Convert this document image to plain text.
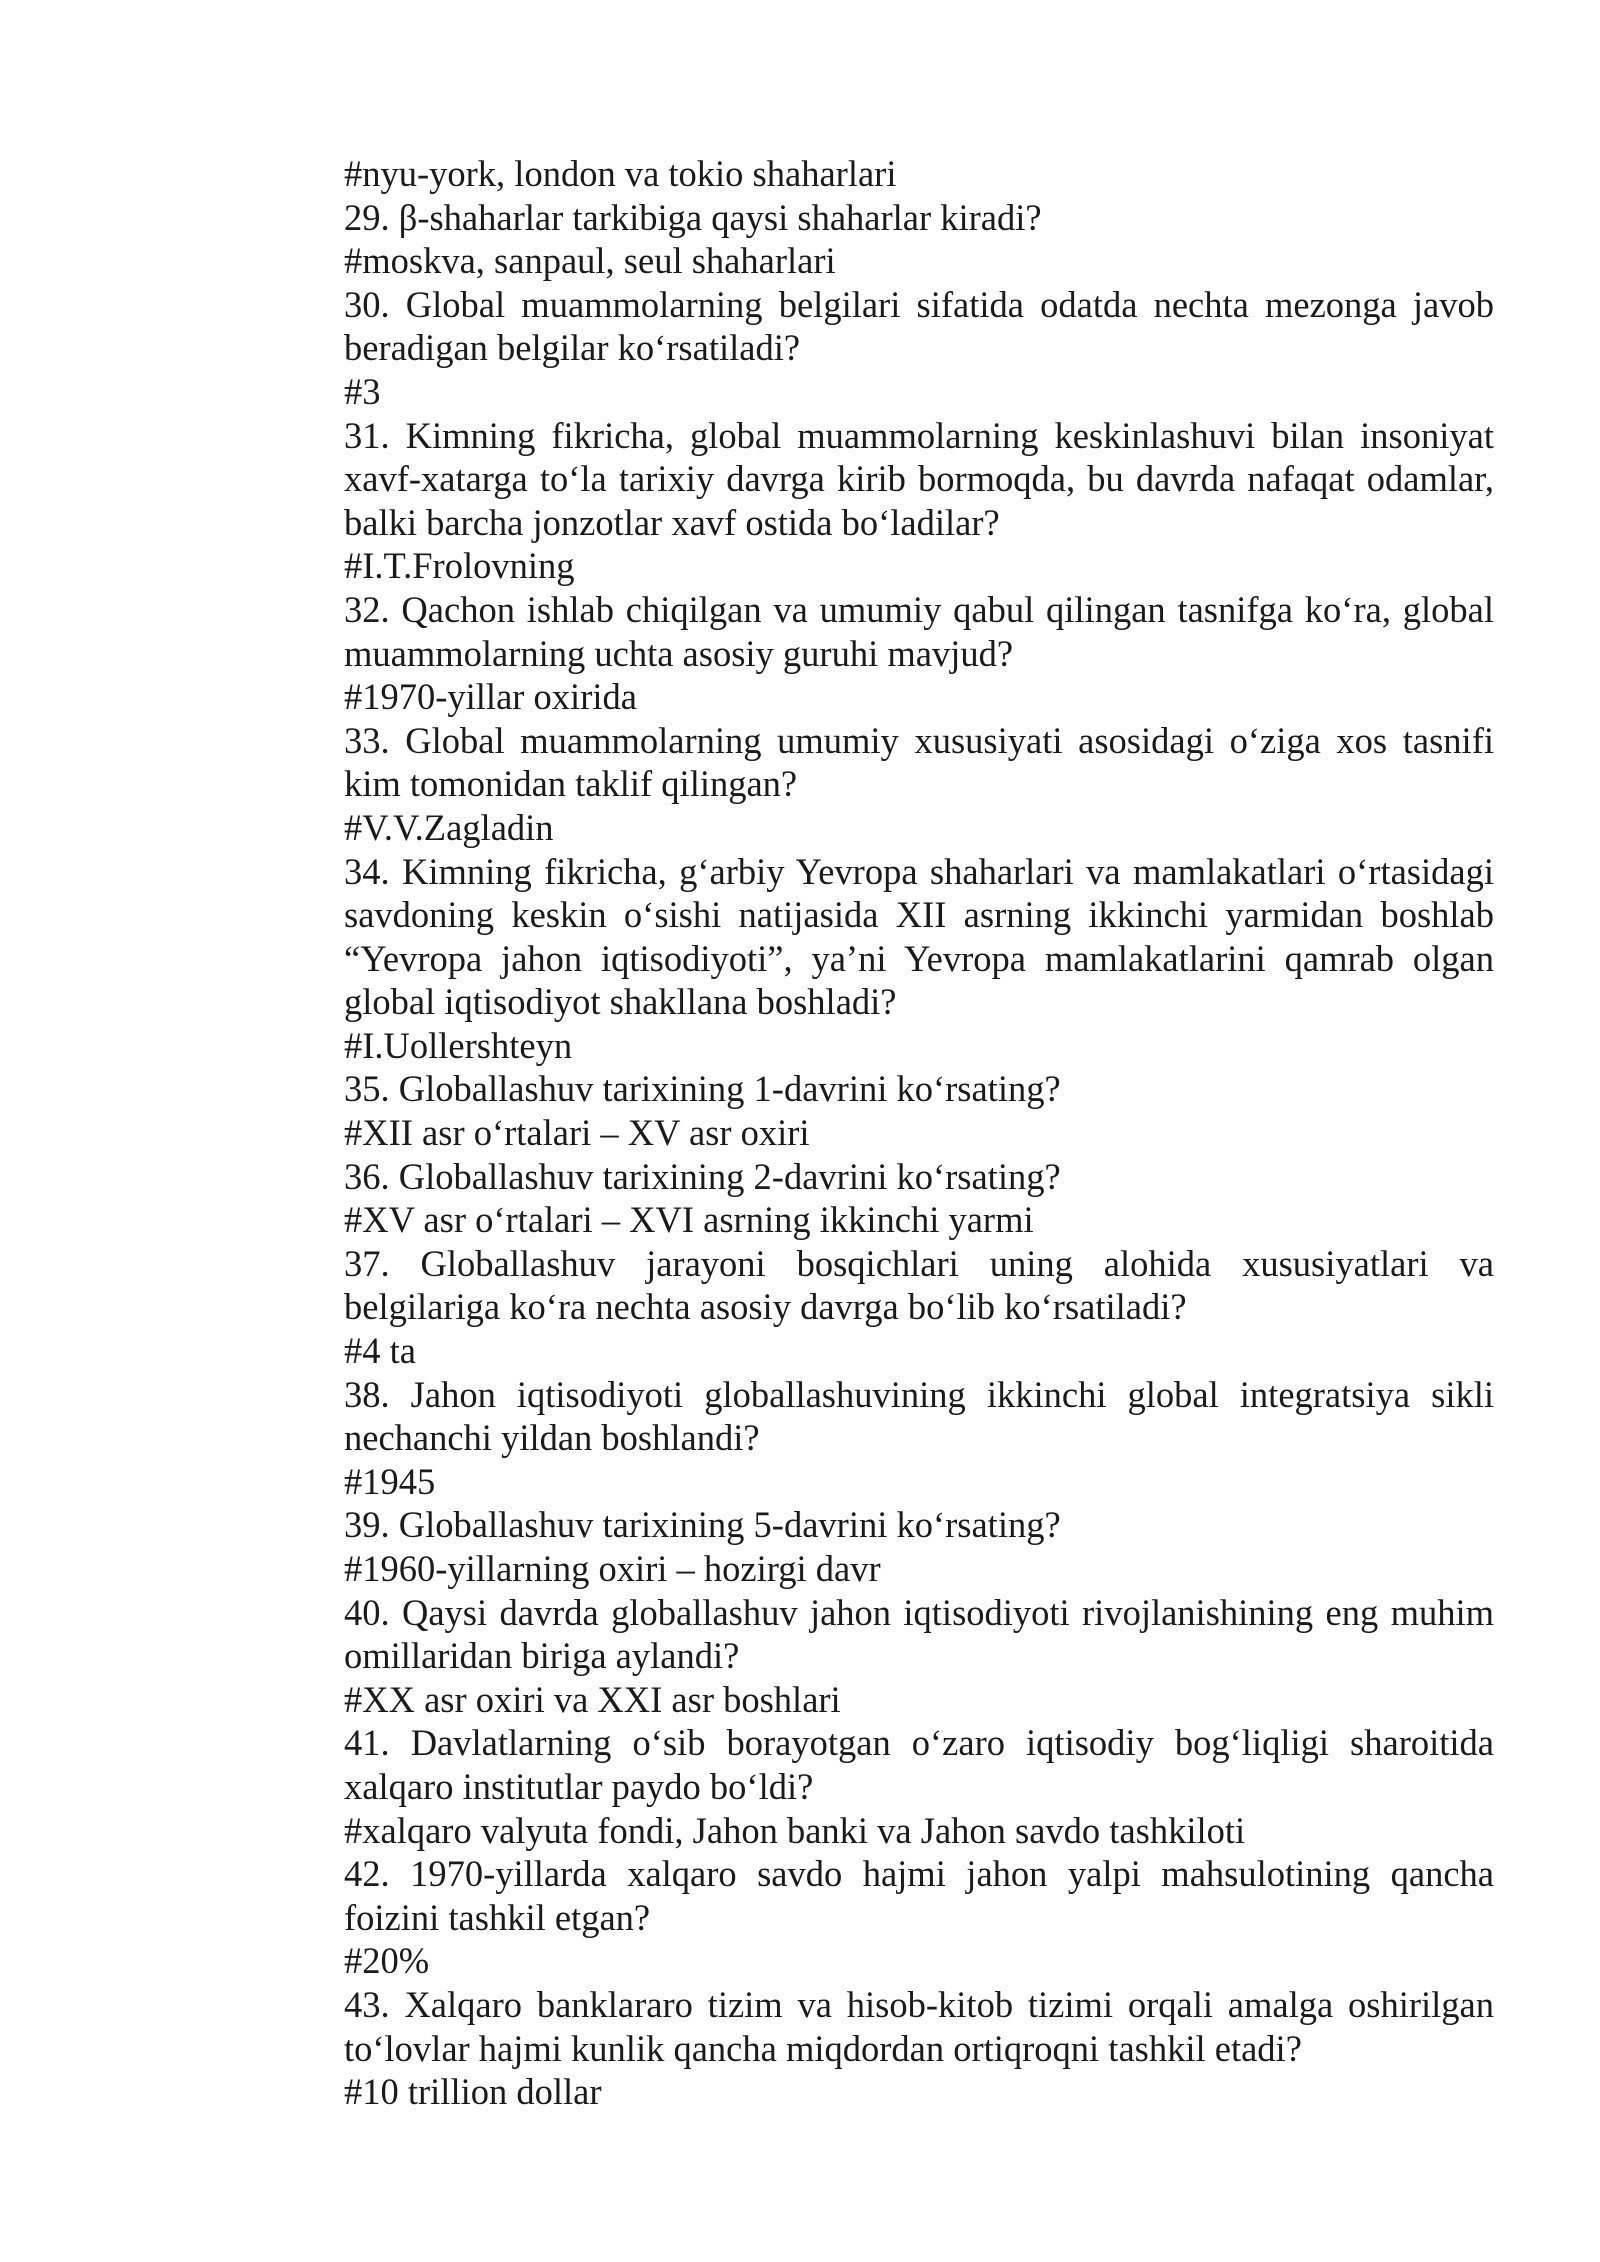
#nyu-york, london va tokio shaharlari

29. β-shaharlar tarkibiga qaysi shaharlar kiradi?

#moskva, sanpaul, seul shaharlari

30. Global muammolarning belgilari sifatida odatda nechta mezonga javob beradigan belgilar ko‘rsatiladi?

#3

31. Kimning fikricha, global muammolarning keskinlashuvi bilan insoniyat xavf-xatarga to‘la tarixiy davrga kirib bormoqda, bu davrda nafaqat odamlar, balki barcha jonzotlar xavf ostida bo‘ladilar?

#I.T.Frolovning

32. Qachon ishlab chiqilgan va umumiy qabul qilingan tasnifga ko‘ra, global muammolarning uchta asosiy guruhi mavjud?

#1970-yillar oxirida

33. Global muammolarning umumiy xususiyati asosidagi o‘ziga xos tasnifi kim tomonidan taklif qilingan?

#V.V.Zagladin

34. Kimning fikricha, g‘arbiy Yevropa shaharlari va mamlakatlari o‘rtasidagi savdoning keskin o‘sishi natijasida XII asrning ikkinchi yarmidan boshlab “Yevropa jahon iqtisodiyoti”, ya’ni Yevropa mamlakatlarini qamrab olgan global iqtisodiyot shakllana boshladi?

#I.Uollershteyn

35. Globallashuv tarixining 1-davrini ko‘rsating?

#XII asr o‘rtalari – XV asr oxiri

36. Globallashuv tarixining 2-davrini ko‘rsating?

#XV asr o‘rtalari – XVI asrning ikkinchi yarmi

37. Globallashuv jarayoni bosqichlari uning alohida xususiyatlari va belgilariga ko‘ra nechta asosiy davrga bo‘lib ko‘rsatiladi?

#4 ta

38. Jahon iqtisodiyoti globallashuvining ikkinchi global integratsiya sikli nechanchi yildan boshlandi?

#1945

39. Globallashuv tarixining 5-davrini ko‘rsating?

#1960-yillarning oxiri – hozirgi davr

40. Qaysi davrda globallashuv jahon iqtisodiyoti rivojlanishining eng muhim omillaridan biriga aylandi?

#XX asr oxiri va XXI asr boshlari

41. Davlatlarning o‘sib borayotgan o‘zaro iqtisodiy bog‘liqligi sharoitida xalqaro institutlar paydo bo‘ldi?

#xalqaro valyuta fondi, Jahon banki va Jahon savdo tashkiloti

42. 1970-yillarda xalqaro savdo hajmi jahon yalpi mahsulotining qancha foizini tashkil etgan?

#20%

43. Xalqaro banklararo tizim va hisob-kitob tizimi orqali amalga oshirilgan to‘lovlar hajmi kunlik qancha miqdordan ortiqroqni tashkil etadi?

#10 trillion dollar
